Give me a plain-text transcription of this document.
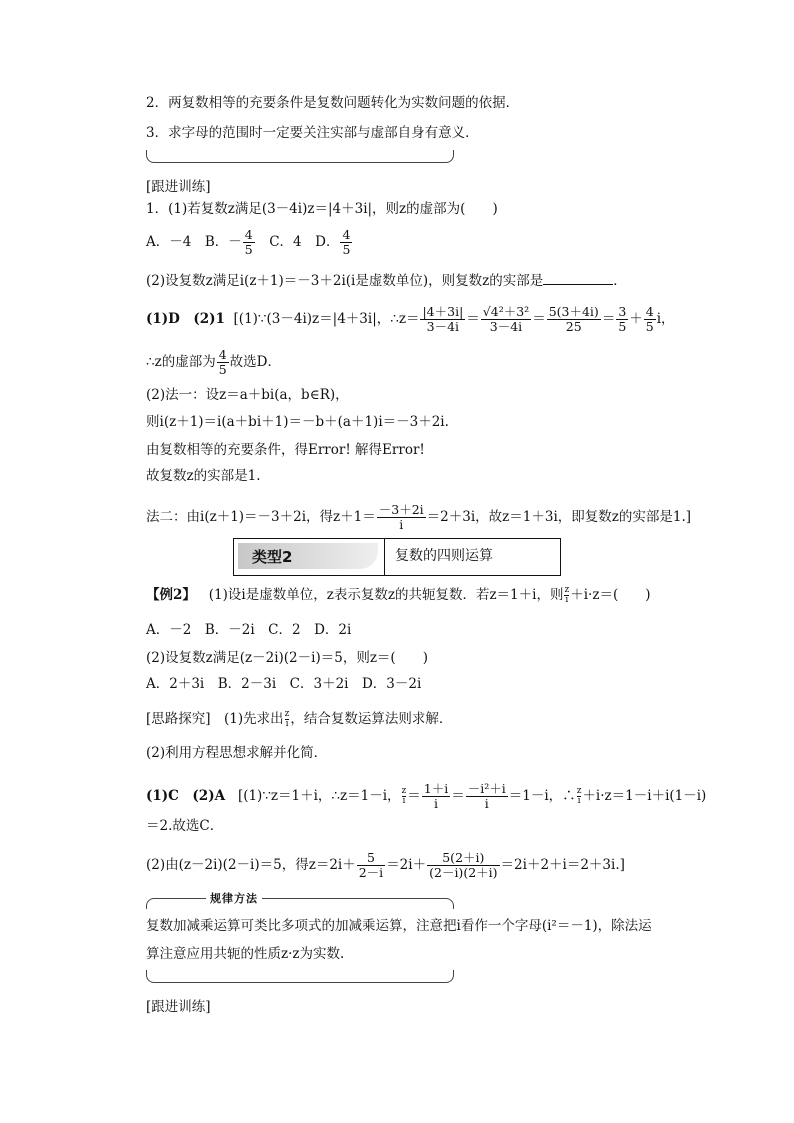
2．两复数相等的充要条件是复数问题转化为实数问题的依据．
3．求字母的范围时一定要关注实部与虚部自身有意义．
[跟进训练]
1．(1)若复数z满足(3－4i)z＝|4＋3i|，则z的虚部为(　　)
A．－4　B．－ $\frac{4}{5}$ 　C．4　D． $\frac{4}{5}$
(2)设复数z满足i(z＋1)＝－3＋2i(i是虚数单位)，则复数z的实部是	．
(1)D　(2)1 [(1)∵(3－4i)z＝|4＋3i|，∴z＝ $\frac{|4+3i|}{3-4i} = \frac{\text{√4²＋3²}}{3-4i} = \frac{5(3+4i)}{25} = \frac{3}{5} + \frac{4}{5}$ i，
∴z的虚部为 $\frac{4}{5}$ 故选D．
(2)法一：设z＝a＋bi(a，b∈R)，
则i(z＋1)＝i(a＋bi＋1)＝－b＋(a＋1)i＝－3＋2i.
由复数相等的充要条件，得Error! 解得Error!
故复数z的实部是1.
法二：由i(z＋1)＝－3＋2i，得$z+1= \frac{-3+2i}{i} =2+3i$，故z＝1＋3i，即复数z的实部是1.]
类型2	复数的四则运算
【例2】 (1)设i是虚数单位，z表示复数z的共轭复数．若z＝1＋i，则 $\frac{z}{i}+i\cdot z=$(　　)
A．－2　B．－2i　C．2　D．2i
(2)设复数z满足(z－2i)(2－i)＝5，则z＝(　　)
A．2＋3i　B．2－3i　C．3＋2i　D．3－2i
[思路探究]　(1)先求出 $\frac{z}{i}$，结合复数运算法则求解．
(2)利用方程思想求解并化简．
(1)C　(2)A [(1)∵z＝1＋i，∴z＝1－i， $\frac{z}{i}= \frac{1+i}{i} = \frac{\text{－i²＋i}}{i} =1-i$，∴ $\frac{z}{i}+i\cdot z=1-i+i(1-i)$
＝2.故选C．
(2)由(z－2i)(2－i)＝5，得$z=2i+ \frac{5}{2-i} =2i+ \frac{5(2+i)}{(2-i)(2+i)} =2i+2+i=2+3i$.]
规律方法
复数加减乘运算可类比多项式的加减乘运算，注意把i看作一个字母(i²＝－1)，除法运
算注意应用共轭的性质z·z为实数.
[跟进训练]
